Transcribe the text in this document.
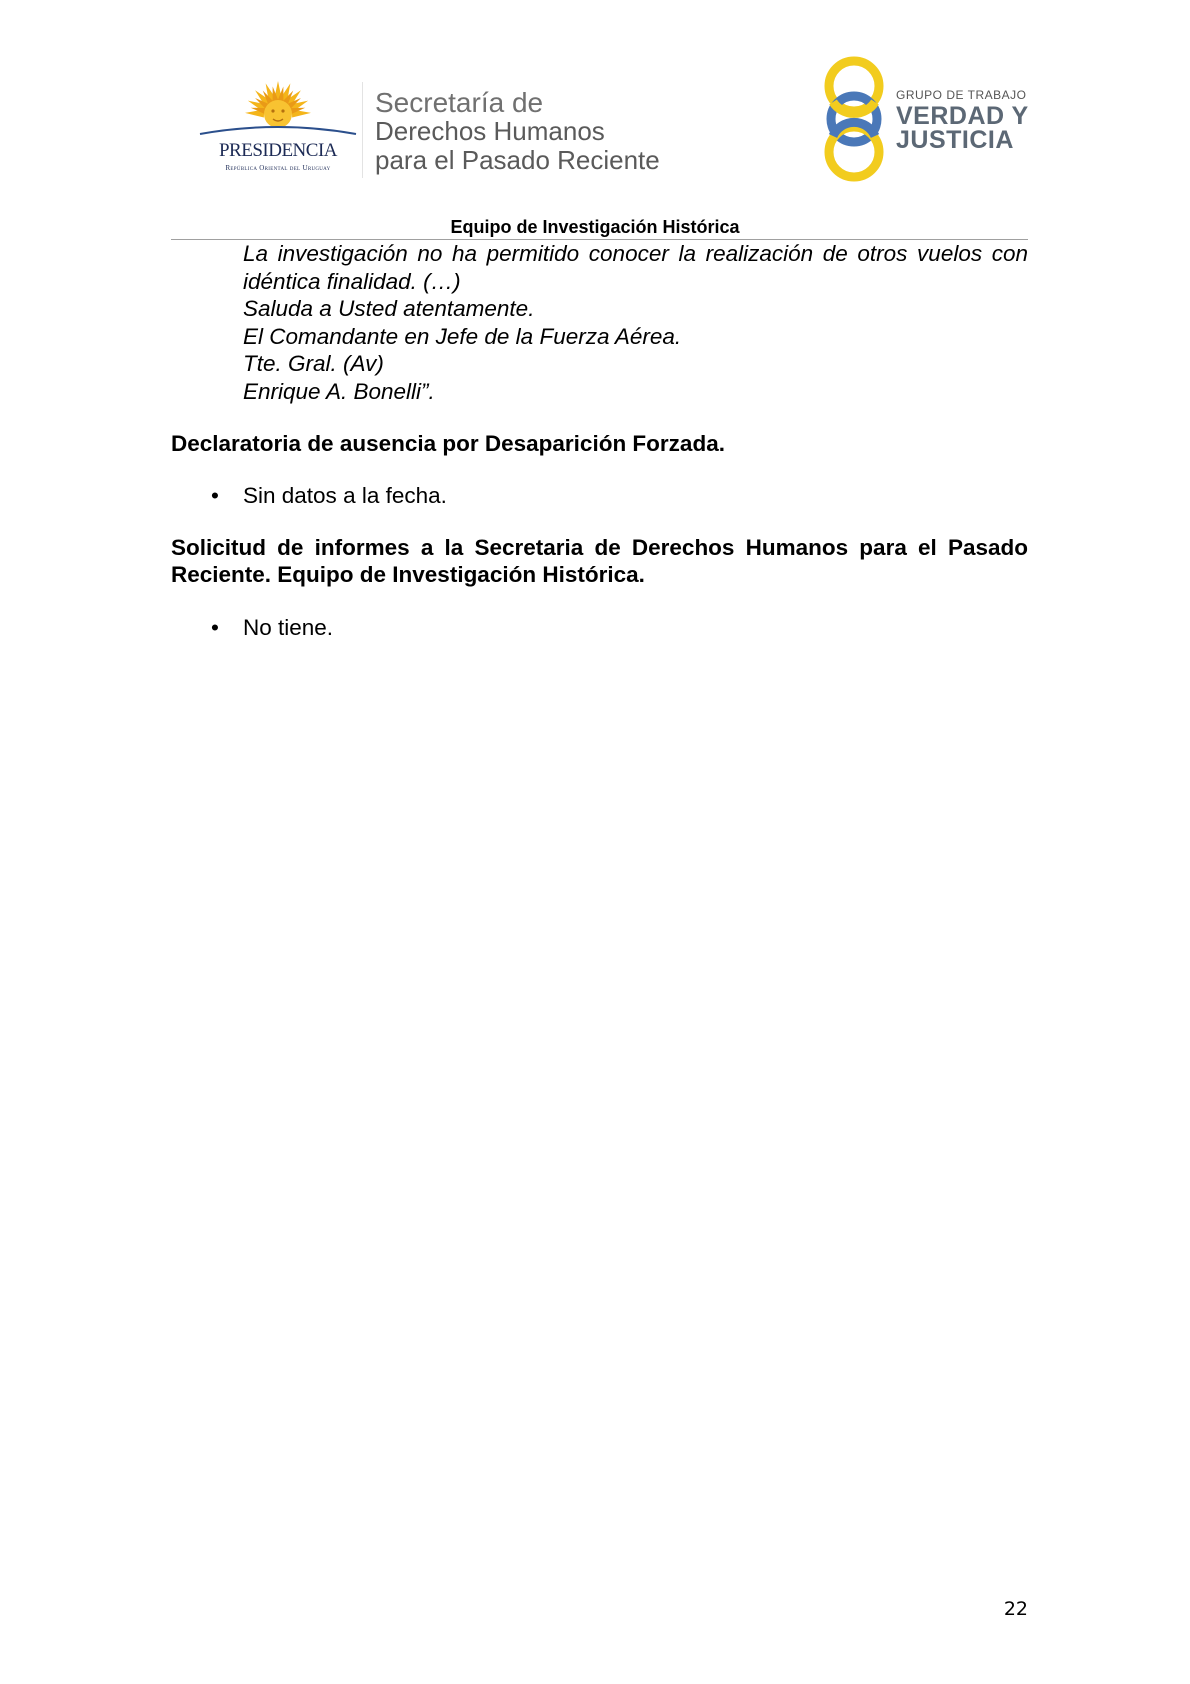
PRESIDENCIA
República Oriental del Uruguay
Secretaría de
Derechos Humanos
para el Pasado Reciente
GRUPO DE TRABAJO
VERDAD Y
JUSTICIA
Equipo de Investigación Histórica

La investigación no ha permitido conocer la realización de otros vuelos con idéntica finalidad. (…)

Saluda a Usted atentamente.

El Comandante en Jefe de la Fuerza Aérea.

Tte. Gral. (Av)

Enrique A. Bonelli”.

Declaratoria de ausencia por Desaparición Forzada.
• Sin datos a la fecha.
Solicitud de informes a la Secretaria de Derechos Humanos para el Pasado Reciente. Equipo de Investigación Histórica.
• No tiene.
22
